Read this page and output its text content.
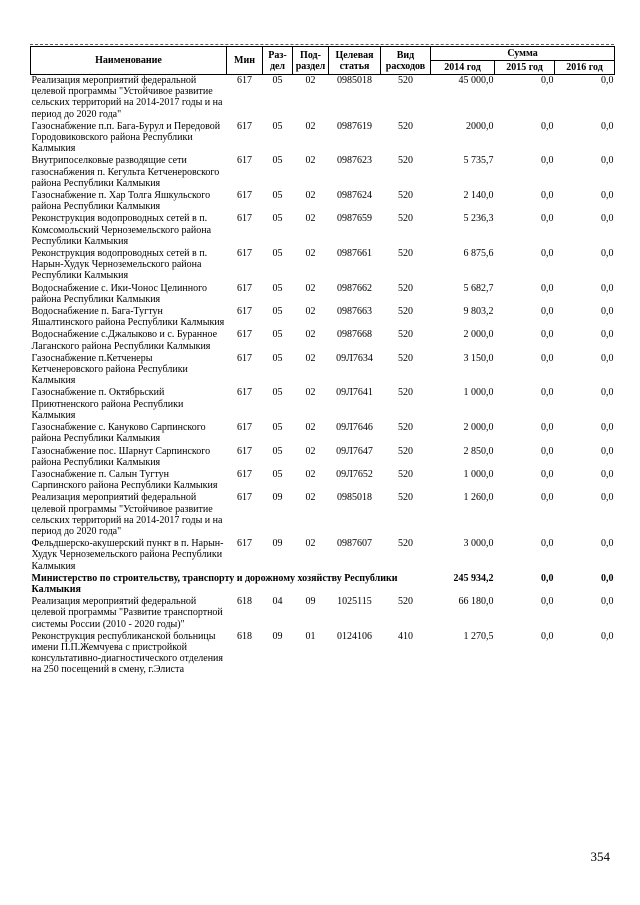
Наименование	Мин	Раз-дел	Под-раздел	Целевая статья	Вид расходов	Сумма		
						2014 год	2015 год	2016 год
Реализация мероприятий федеральной целевой программы "Устойчивое развитие сельских территорий на 2014-2017 годы и на период до 2020 года"	617	05	02	0985018	520	45 000,0	0,0	0,0
Газоснабжение п.п. Бага-Бурул и Передовой Городовиковского района Республики Калмыкия	617	05	02	0987619	520	2000,0	0,0	0,0
Внутрипоселковые разводящие сети газоснабжения п. Кегульта Кетченеровского района Республики Калмыкия	617	05	02	0987623	520	5 735,7	0,0	0,0
Газоснабжение п. Хар Толга Яшкульского района Республики Калмыкия	617	05	02	0987624	520	2 140,0	0,0	0,0
Реконструкция водопроводных сетей в п. Комсомольский Черноземельского района Республики Калмыкия	617	05	02	0987659	520	5 236,3	0,0	0,0
Реконструкция водопроводных сетей в п. Нарын-Худук Черноземельского района Республики Калмыкия	617	05	02	0987661	520	6 875,6	0,0	0,0
Водоснабжение с. Ики-Чонос Целинного района Республики Калмыкия	617	05	02	0987662	520	5 682,7	0,0	0,0
Водоснабжение п. Бага-Тугтун Яшалтинского района Республики Калмыкия	617	05	02	0987663	520	9 803,2	0,0	0,0
Водоснабжение с.Джалыково и с. Буранное Лаганского района Республики Калмыкия	617	05	02	0987668	520	2 000,0	0,0	0,0
Газоснабжение п.Кетченеры Кетченеровского района Республики Калмыкия	617	05	02	09Л7634	520	3 150,0	0,0	0,0
Газоснабжение п. Октябрьский Приютненского района Республики Калмыкия	617	05	02	09Л7641	520	1 000,0	0,0	0,0
Газоснабжение с. Кануково Сарпинского района Республики Калмыкия	617	05	02	09Л7646	520	2 000,0	0,0	0,0
Газоснабжение пос. Шарнут Сарпинского района Республики Калмыкия	617	05	02	09Л7647	520	2 850,0	0,0	0,0
Газоснабжение п. Салын Тугтун Сарпинского района Республики Калмыкия	617	05	02	09Л7652	520	1 000,0	0,0	0,0
Реализация мероприятий федеральной целевой программы "Устойчивое развитие сельских территорий на 2014-2017 годы и на период до 2020 года"	617	09	02	0985018	520	1 260,0	0,0	0,0
Фельдшерско-акушерский пункт в п. Нарын-Худук Черноземельского района Республики Калмыкия	617	09	02	0987607	520	3 000,0	0,0	0,0
Министерство по строительству, транспорту и дорожному хозяйству Республики Калмыкия						245 934,2	0,0	0,0
Реализация мероприятий федеральной целевой программы "Развитие транспортной системы России (2010 - 2020 годы)"	618	04	09	1025115	520	66 180,0	0,0	0,0
Реконструкция республиканской больницы имени П.П.Жемчуева с пристройкой консультативно-диагностического отделения на 250 посещений в смену, г.Элиста	618	09	01	0124106	410	1 270,5	0,0	0,0
354
